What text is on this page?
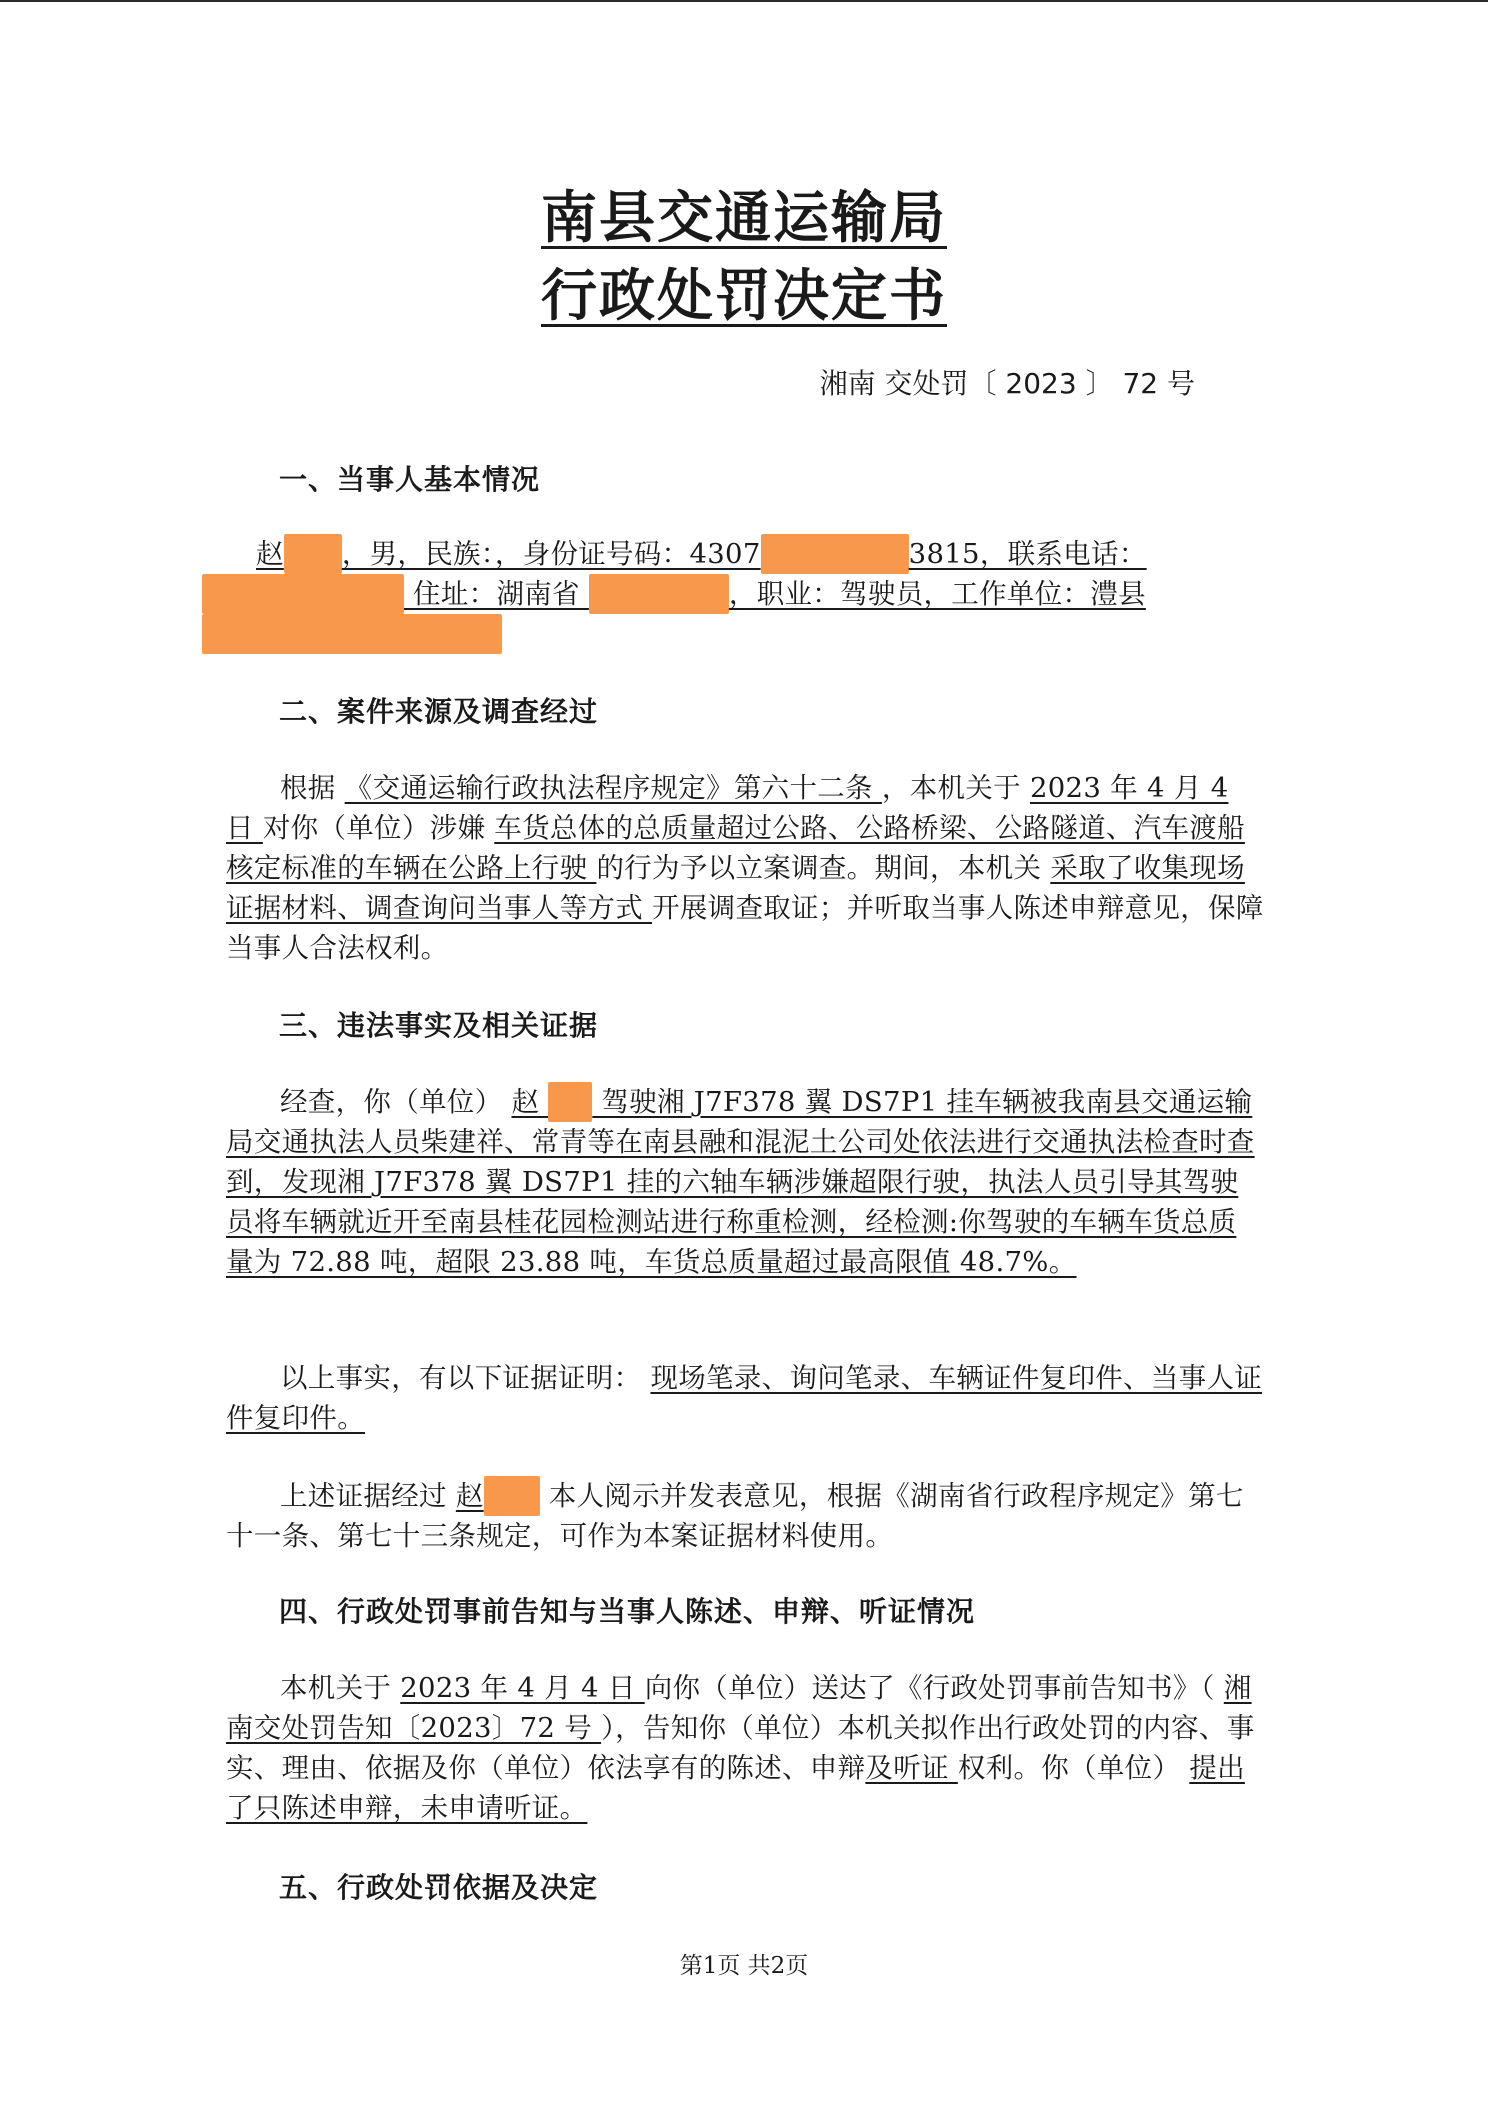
南县交通运输局
行政处罚决定书
湘南 交处罚〔 2023 〕 72 号
一、当事人基本情况
赵 ，男，民族：，身份证号码：4307	3815，联系电话： 住址：湖南省	，职业：驾驶员，工作单位：澧县
二、案件来源及调查经过
根据 《交通运输行政执法程序规定》第六十二条 ，本机关于 2023 年 4 月 4 日 对你（单位）涉嫌 车货总体的总质量超过公路、公路桥梁、公路隧道、汽车渡船核定标准的车辆在公路上行驶 的行为予以立案调查。期间，本机关 采取了收集现场证据材料、调查询问当事人等方式 开展调查取证；并听取当事人陈述申辩意见，保障当事人合法权利。
三、违法事实及相关证据
经查，你（单位） 赵  驾驶湘 J7F378 翼 DS7P1 挂车辆被我南县交通运输局交通执法人员柴建祥、常青等在南县融和混泥土公司处依法进行交通执法检查时查到，发现湘 J7F378 翼 DS7P1 挂的六轴车辆涉嫌超限行驶，执法人员引导其驾驶员将车辆就近开至南县桂花园检测站进行称重检测，经检测:你驾驶的车辆车货总质量为 72.88 吨，超限 23.88 吨，车货总质量超过最高限值 48.7%。
以上事实，有以下证据证明： 现场笔录、询问笔录、车辆证件复印件、当事人证件复印件。
上述证据经过 赵 本人阅示并发表意见，根据《湖南省行政程序规定》第七十一条、第七十三条规定，可作为本案证据材料使用。
四、行政处罚事前告知与当事人陈述、申辩、听证情况
本机关于 2023 年 4 月 4 日 向你（单位）送达了《行政处罚事前告知书》（ 湘南交处罚告知〔2023〕72 号 ），告知你（单位）本机关拟作出行政处罚的内容、事实、理由、依据及你（单位）依法享有的陈述、申辩及听证 权利。你（单位） 提出了只陈述申辩，未申请听证。
五、行政处罚依据及决定
第1页 共2页
